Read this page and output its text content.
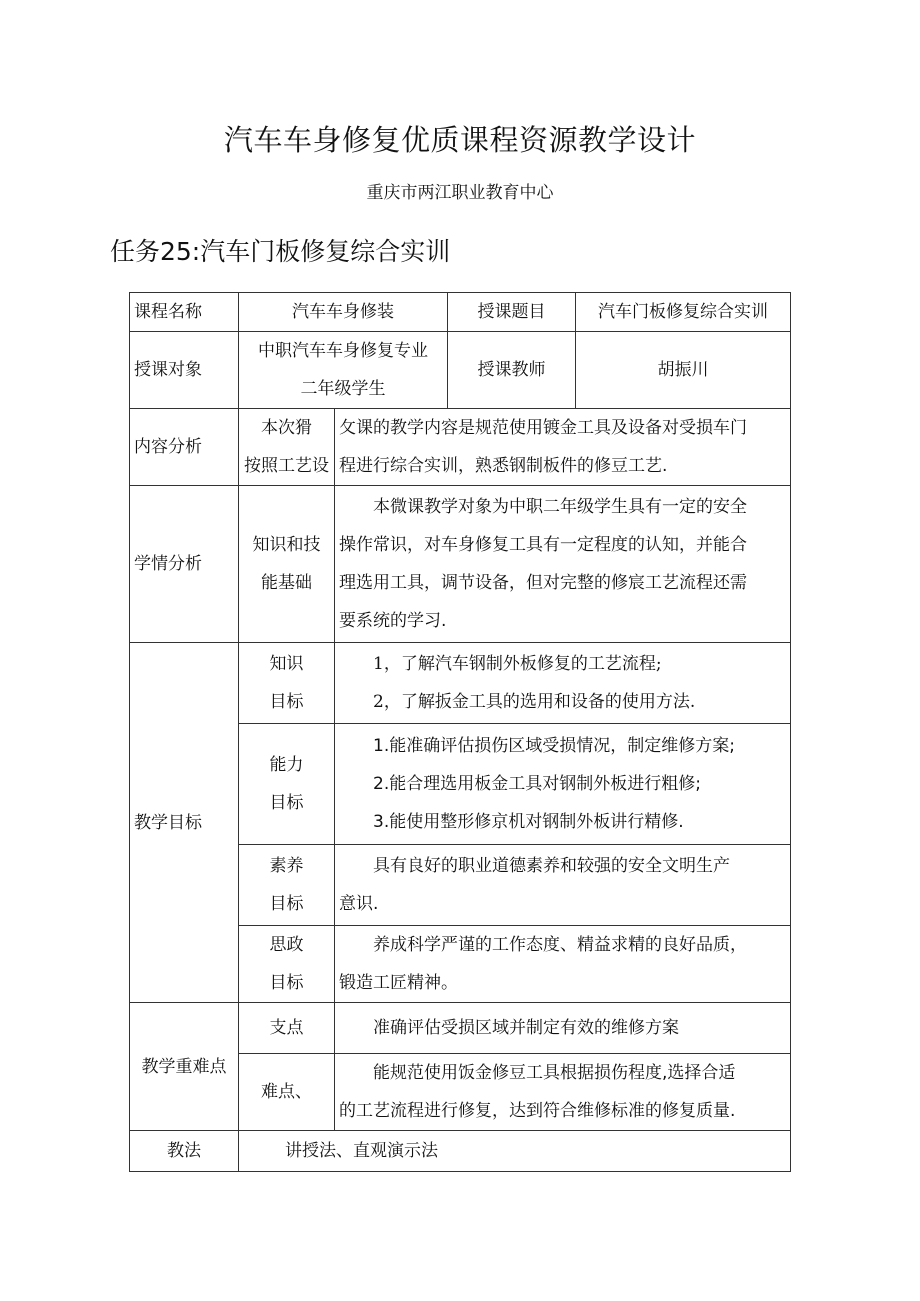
汽车车身修复优质课程资源教学设计
重庆市两江职业教育中心
任务25:汽车门板修复综合实训
课程名称	汽车车身修装		授课题目	汽车门板修复综合实训
授课对象	中职汽车车身修复专业
二年级学生		授课教师	胡振川
内容分析	本次猾
按照工艺设	攵课的教学内容是规范使用镀金工具及设备对受损车门
程进行综合实训，熟悉钢制板件的修豆工艺.		

学情分析	知识和技
能基础	本微课教学对象为中职二年级学生具有一定的安全
操作常识，对车身修复工具有一定程度的认知，并能合
理选用工具，调节设备，但对完整的修宸工艺流程还需
要系统的学习.		

教学目标	知识
目标	1，了解汽车钢制外板修复的工艺流程;
2，了解扳金工具的选用和设备的使用方法.		

	能力
目标	1.能准确评估损伤区域受损情况，制定维修方案;
2.能合理选用板金工具对钢制外板进行粗修;
3.能使用整形修京机对钢制外板讲行精修.		

	素养
目标	具有良好的职业道德素养和较强的安全文明生产
意识.		

	思政
目标	养成科学严谨的工作态度、精益求精的良好品质，
锻造工匠精神。		

教学重难点	支点	准确评估受损区域并制定有效的维修方案		
	难点、	能规范使用饭金修豆工具根据损伤程度,选择合适
的工艺流程进行修复，达到符合维修标准的修复质量.		

教法	讲授法、直观演示法			
